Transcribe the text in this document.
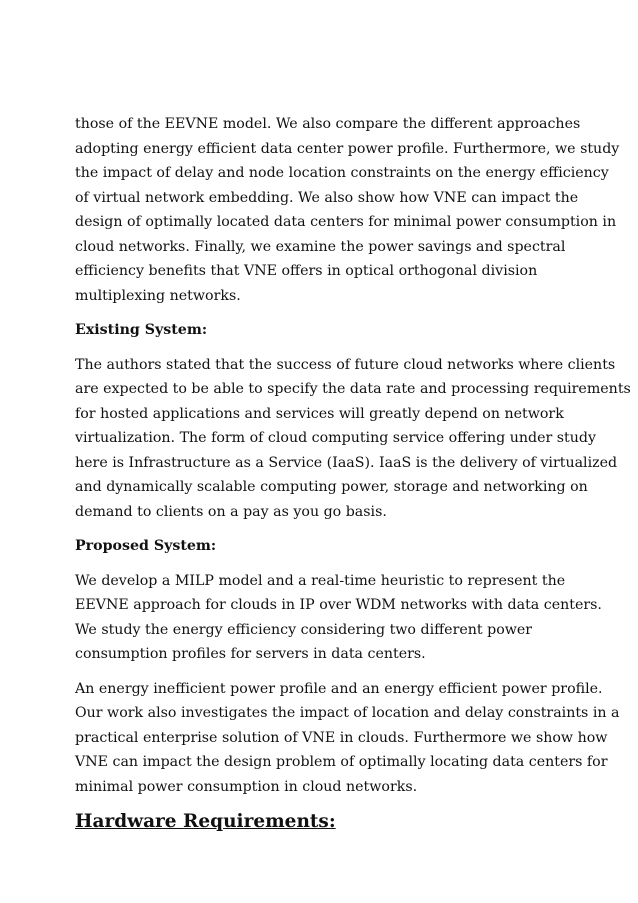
those of the EEVNE model. We also compare the different approaches
adopting energy efficient data center power profile. Furthermore, we study
the impact of delay and node location constraints on the energy efficiency
of virtual network embedding. We also show how VNE can impact the
design of optimally located data centers for minimal power consumption in
cloud networks. Finally, we examine the power savings and spectral
efficiency benefits that VNE offers in optical orthogonal division
multiplexing networks.

Existing System:

The authors stated that the success of future cloud networks where clients
are expected to be able to specify the data rate and processing requirements
for hosted applications and services will greatly depend on network
virtualization. The form of cloud computing service offering under study
here is Infrastructure as a Service (IaaS). IaaS is the delivery of virtualized
and dynamically scalable computing power, storage and networking on
demand to clients on a pay as you go basis.

Proposed System:

We develop a MILP model and a real-time heuristic to represent the
EEVNE approach for clouds in IP over WDM networks with data centers.
We study the energy efficiency considering two different power
consumption profiles for servers in data centers.

An energy inefficient power profile and an energy efficient power profile.
Our work also investigates the impact of location and delay constraints in a
practical enterprise solution of VNE in clouds. Furthermore we show how
VNE can impact the design problem of optimally locating data centers for
minimal power consumption in cloud networks.

Hardware Requirements:
